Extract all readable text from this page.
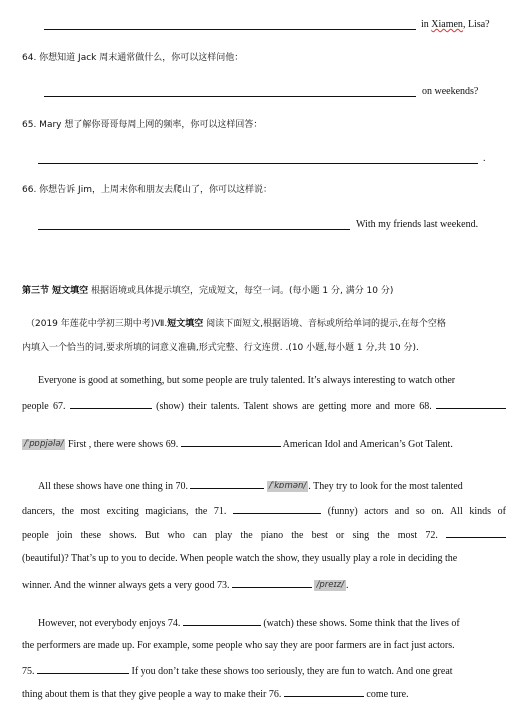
in Xiamen, Lisa?
64. 你想知道 Jack 周末通常做什么，你可以这样问他：
on weekends?
65. Mary 想了解你哥哥每周上网的频率，你可以这样回答：
.
66. 你想告诉 Jim，上周末你和朋友去爬山了，你可以这样说：
With my friends last weekend.
第三节 短文填空 根据语境或具体提示填空，完成短文，每空一词。(每小题 1 分, 满分 10 分)
（2019 年莲花中学初三期中考)Ⅶ.短文填空 阅读下面短文,根据语境、音标或所给单词的提示,在每个空格
内填入一个恰当的词,要求所填的词意义准确,形式完整、行文连贯. .(10 小题,每小题 1 分,共 10 分).
Everyone is good at something, but some people are truly talented. It’s always interesting to watch other
people 67.	(show) their talents. Talent shows are getting more and more 68.
/ˈpɒpjələ/ First , there were shows 69.	American Idol and American’s Got Talent.
All these shows have one thing in 70.	/ˈkɒmən/ . They try to look for the most talented
dancers, the most exciting magicians, the 71.	(funny) actors and so on. All kinds of
people join these shows. But who can play the piano the best or sing the most 72.
(beautiful)? That’s up to you to decide. When people watch the show, they usually play a role in deciding the
winner. And the winner always gets a very good 73.	/preɪz/ .
However, not everybody enjoys 74.	(watch) these shows. Some think that the lives of
the performers are made up. For example, some people who say they are poor farmers are in fact just actors.
75.	If you don’t take these shows too seriously, they are fun to watch. And one great
thing about them is that they give people a way to make their 76.	come ture.
